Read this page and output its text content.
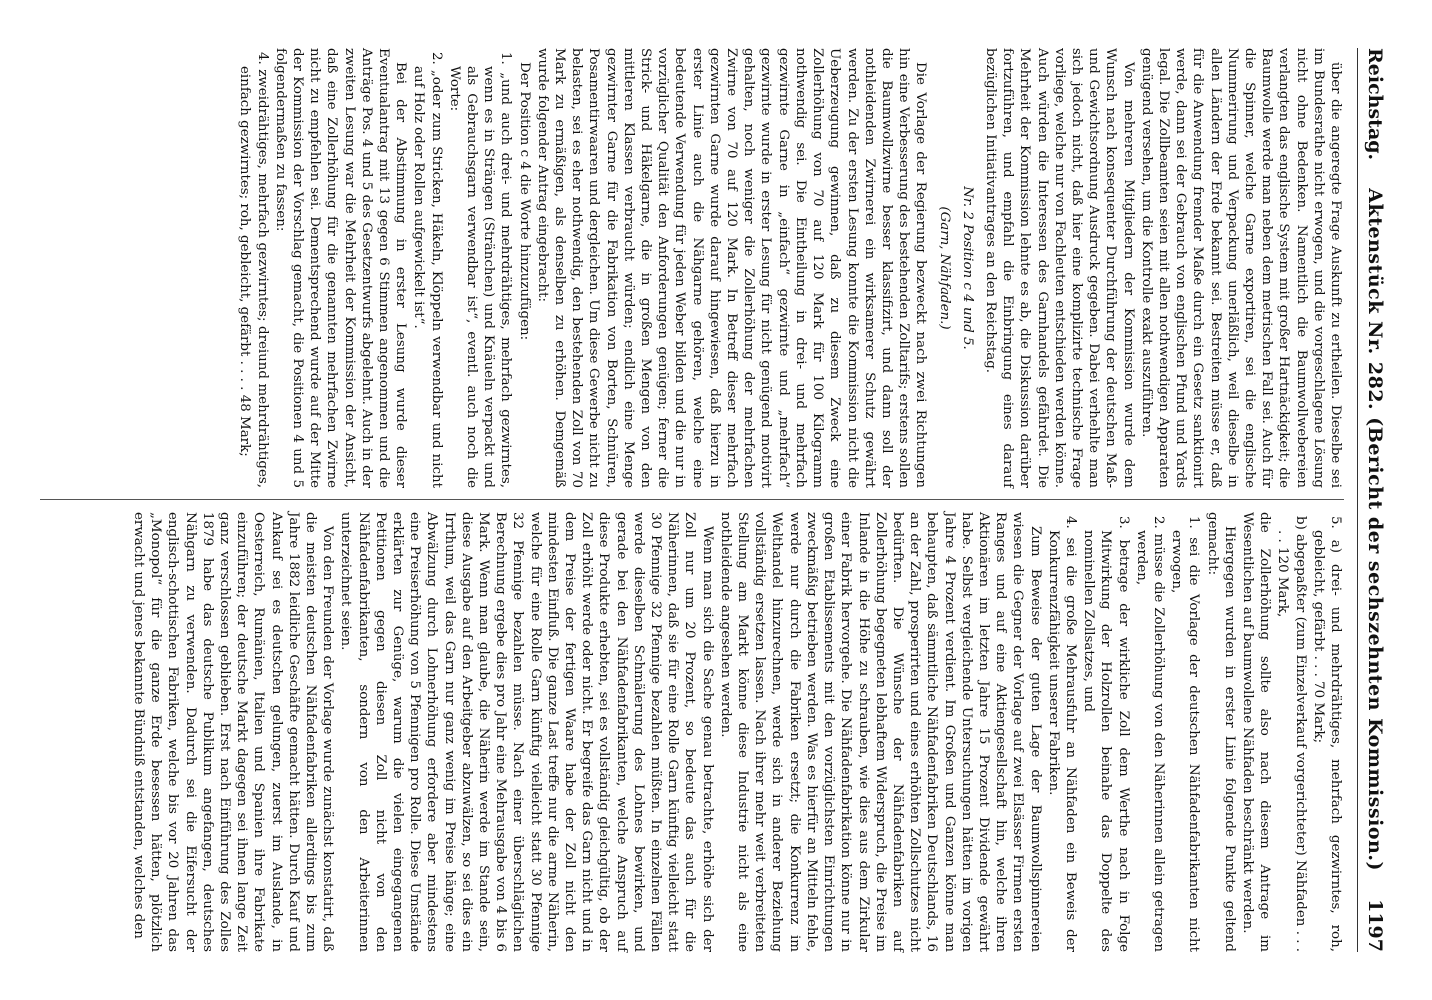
Reichstag.
Aktenstück Nr. 282. (Bericht der sechszehnten Kommission.)
1197

über die angeregte Frage Auskunft zu ertheilen. Dieselbe sei im Bundesrathe nicht erwogen, und die vorgeschlagene Lösung nicht ohne Bedenken. Namentlich die Baumwollwebereien verlangten das englische System mit großer Hartnäckigkeit; die Baumwolle werde man neben dem metrischen Fall sei. Auch für die Spinner, welche Garne exportiren, sei die englische Nummerirung und Verpackung unerläßlich, weil dieselbe in allen Ländern der Erde bekannt sei. Bestreiten müsse er, daß für die Anwendung fremder Maße durch ein Gesetz sanktionirt werde, dann sei der Gebrauch von englischen Pfund und Yards legal. Die Zollbeamten seien mit allen nothwendigen Apparaten genügend versehen, um die Kontrolle exakt auszuführen.

Von mehreren Mitgliedern der Kommission wurde dem Wunsch nach konsequenter Durchführung der deutschen Maß- und Gewichtsordnung Ausdruck gegeben. Dabei verhehlte man sich jedoch nicht, daß hier eine komplizirte technische Frage vorliege, welche nur von Fachleuten entschieden werden könne. Auch würden die Interessen des Garnhandels gefährdet. Die Mehrheit der Kommission lehnte es ab, die Diskussion darüber fortzuführen, und empfahl die Einbringung eines darauf bezüglichen Initiativantrages an den Reichstag.

Nr. 2 Position c 4 und 5.

(Garn, Nähfaden.)

Die Vorlage der Regierung bezweckt nach zwei Richtungen hin eine Verbesserung des bestehenden Zolltarifs; erstens sollen die Baumwollzwirne besser klassifizirt, und dann soll der nothleidenden Zwirnerei ein wirksamerer Schutz gewährt werden. Zu der ersten Lesung konnte die Kommission nicht die Ueberzeugung gewinnen, daß zu diesem Zweck eine Zollerhöhung von 70 auf 120 Mark für 100 Kilogramm nothwendig sei. Die Eintheilung in drei- und mehrfach gezwirnte Garne in „einfach“ gezwirnte und „mehrfach“ gezwirnte wurde in erster Lesung für nicht genügend motivirt gehalten, noch weniger die Zollerhöhung der mehrfachen Zwirne von 70 auf 120 Mark. In Betreff dieser mehrfach gezwirnten Garne wurde darauf hingewiesen, daß hierzu in erster Linie auch die Nähgarne gehören, welche eine bedeutende Verwendung für jeden Weber bilden und die nur in vorzüglicher Qualität den Anforderungen genügen; ferner die Strick- und Häkelgarne, die in großen Mengen von den mittleren Klassen verbraucht würden; endlich eine Menge gezwirnter Garne für die Fabrikation von Borten, Schnüren, Posamentirwaaren und dergleichen. Um diese Gewerbe nicht zu belasten, sei es eher nothwendig, den bestehenden Zoll von 70 Mark zu ermäßigen, als denselben zu erhöhen. Demgemäß wurde folgender Antrag eingebracht:

Der Position c 4 die Worte hinzuzufügen:

1. „und auch drei- und mehrdrähtiges, mehrfach gezwirntes, wenn es in Strängen (Stränchen) und Knäueln verpackt und als Gebrauchsgarn verwendbar ist“, eventl. auch noch die Worte:

2. „oder zum Stricken, Häkeln, Klöppeln verwendbar und nicht auf Holz oder Rollen aufgewickelt ist“.

Bei der Abstimmung in erster Lesung wurde dieser Eventualantrag mit 13 gegen 6 Stimmen angenommen und die Anträge Pos. 4 und 5 des Gesetzentwurfs abgelehnt. Auch in der zweiten Lesung war die Mehrheit der Kommission der Ansicht, daß eine Zollerhöhung für die genannten mehrfachen Zwirne nicht zu empfehlen sei. Dementsprechend wurde auf der Mitte der Kommission der Vorschlag gemacht, die Positionen 4 und 5 folgendermaßen zu fassen:

4. zweidrähtiges, mehrfach gezwirntes; dreiund mehrdrähtiges, einfach gezwirntes; roh, gebleicht, gefärbt . . . . 48 Mark;

5. a) drei- und mehrdrähtiges, mehrfach gezwirntes, roh, gebleicht, gefärbt . . . 70 Mark;

b) abgepaßter (zum Einzelverkauf vorgerichteter) Nähfaden . . . . . 120 Mark,

die Zollerhöhung sollte also nach diesem Antrage im Wesentlichen auf baumwollene Nähfaden beschränkt werden.

Hiergegen wurden in erster Linie folgende Punkte geltend gemacht:

1. sei die Vorlage der deutschen Nähfadenfabrikanten nicht erwogen,

2. müsse die Zollerhöhung von den Näherinnen allein getragen werden,

3. betrage der wirkliche Zoll dem Werthe nach in Folge Mitwirkung der Holzrollen beinahe das Doppelte des nominellen Zollsatzes, und

4. sei die große Mehrausfuhr an Nähfaden ein Beweis der Konkurrenzfähigkeit unserer Fabriken.

Zum Beweise der guten Lage der Baumwollspinnereien wiesen die Gegner der Vorlage auf zwei Elsässer Firmen ersten Ranges und auf eine Aktiengesellschaft hin, welche ihren Aktionären im letzten Jahre 15 Prozent Dividende gewährt habe. Selbst vergleichende Untersuchungen hätten im vorigen Jahre 4 Prozent verdient. Im Großen und Ganzen könne man behaupten, daß sämmtliche Nähfadenfabriken Deutschlands, 16 an der Zahl, prosperirten und eines erhöhten Zollschutzes nicht bedürften. Die Wünsche der Nähfadenfabriken auf Zollerhöhung begegneten lebhaftem Widerspruch, die Preise im Inlande in die Höhe zu schrauben, wie dies aus dem Zirkular einer Fabrik hervorgehe. Die Nähfadenfabrikation könne nur in großen Etablissements mit den vorzüglichsten Einrichtungen zweckmäßig betrieben werden. Was es hierfür an Mitteln fehle, werde nur durch die Fabriken ersetzt; die Konkurrenz im Welthandel hinzurechnen, werde sich in anderer Beziehung vollständig ersetzen lassen. Nach ihrer mehr weit verbreiteten Stellung am Markt könne diese Industrie nicht als eine nothleidende angesehen werden.

Wenn man sich die Sache genau betrachte, erhöhe sich der Zoll nur um 20 Prozent, so bedeute das auch für die Näherinnen, daß sie für eine Rolle Garn künftig vielleicht statt 30 Pfennige 32 Pfennige bezahlen müßten. In einzelnen Fällen werde dieselben Schmälerung des Lohnes bewirken, und gerade bei den Nähfadenfabrikanten, welche Anspruch auf diese Produkte erhebten, sei es vollständig gleichgültig, ob der Zoll erhöht werde oder nicht. Er begreife das Garn nicht und in dem Preise der fertigen Waare habe der Zoll nicht den mindesten Einfluß. Die ganze Last treffe nur die arme Näherin, welche für eine Rolle Garn künftig vielleicht statt 30 Pfennige 32 Pfennige bezahlen müsse. Nach einer überschläglichen Berechnung ergebe dies pro Jahr eine Mehrausgabe von 4 bis 6 Mark. Wenn man glaube, die Näherin werde im Stande sein, diese Ausgabe auf den Arbeitgeber abzuwälzen, so sei dies ein Irrthum, weil das Garn nur ganz wenig im Preise hänge; eine Abwälzung durch Lohnerhöhung erfordere aber mindestens eine Preiserhöhung von 5 Pfennigen pro Rolle. Diese Umstände erklärten zur Genüge, warum die vielen eingegangenen Petitionen gegen diesen Zoll nicht von den Nähfadenfabrikanten, sondern von den Arbeiterinnen unterzeichnet seien.

Von den Freunden der Vorlage wurde zunächst konstatirt, daß die meisten deutschen Nähfadenfabriken allerdings bis zum Jahre 1882 leidliche Geschäfte gemacht hätten. Durch Kauf und Ankauf sei es deutschen gelungen, zuerst im Auslande, in Oesterreich, Rumänien, Italien und Spanien ihre Fabrikate einzuführen; der deutsche Markt dagegen sei ihnen lange Zeit ganz verschlossen geblieben. Erst nach Einführung des Zolles 1879 habe das deutsche Publikum angefangen, deutsches Nähgarn zu verwenden. Dadurch sei die Eifersucht der englisch-schottischen Fabriken, welche bis vor 20 Jahren das „Monopol“ für die ganze Erde besessen hätten, plötzlich erwacht und jenes bekannte Bündniß entstanden, welches den
